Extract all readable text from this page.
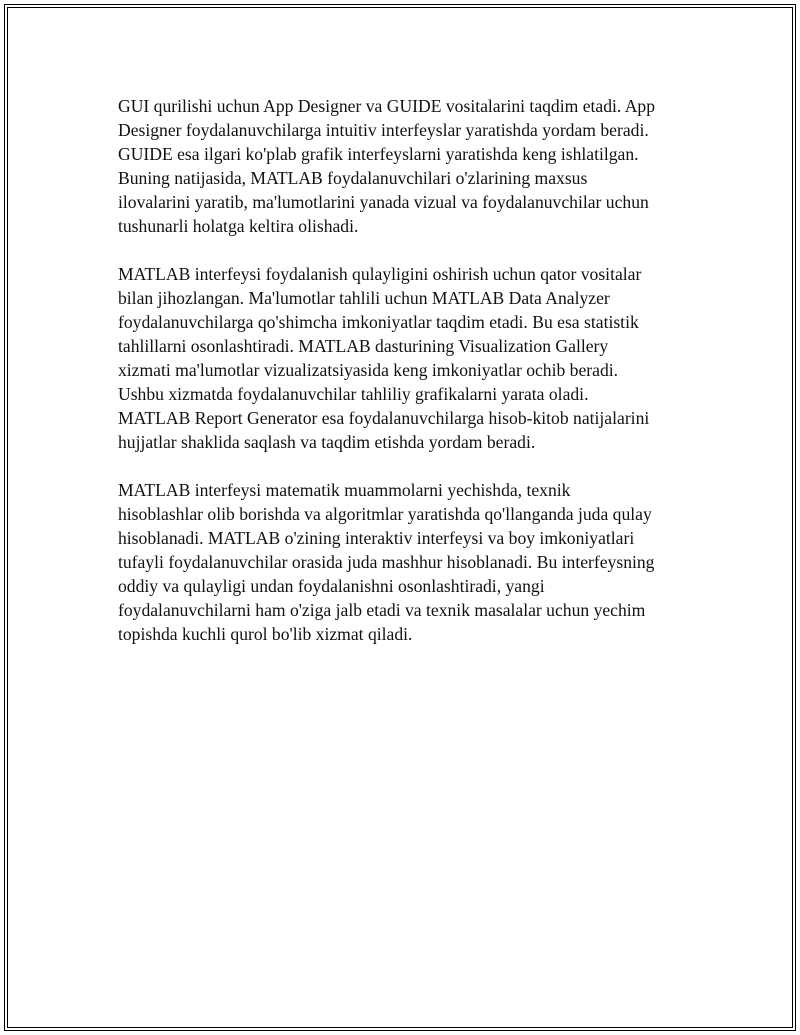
GUI qurilishi uchun App Designer va GUIDE vositalarini taqdim etadi. App
Designer foydalanuvchilarga intuitiv interfeyslar yaratishda yordam beradi.
GUIDE esa ilgari ko'plab grafik interfeyslarni yaratishda keng ishlatilgan.
Buning natijasida, MATLAB foydalanuvchilari o'zlarining maxsus
ilovalarini yaratib, ma'lumotlarini yanada vizual va foydalanuvchilar uchun
tushunarli holatga keltira olishadi.

MATLAB interfeysi foydalanish qulayligini oshirish uchun qator vositalar
bilan jihozlangan. Ma'lumotlar tahlili uchun MATLAB Data Analyzer
foydalanuvchilarga qo'shimcha imkoniyatlar taqdim etadi. Bu esa statistik
tahlillarni osonlashtiradi. MATLAB dasturining Visualization Gallery
xizmati ma'lumotlar vizualizatsiyasida keng imkoniyatlar ochib beradi.
Ushbu xizmatda foydalanuvchilar tahliliy grafikalarni yarata oladi.
MATLAB Report Generator esa foydalanuvchilarga hisob-kitob natijalarini
hujjatlar shaklida saqlash va taqdim etishda yordam beradi.

MATLAB interfeysi matematik muammolarni yechishda, texnik
hisoblashlar olib borishda va algoritmlar yaratishda qo'llanganda juda qulay
hisoblanadi. MATLAB o'zining interaktiv interfeysi va boy imkoniyatlari
tufayli foydalanuvchilar orasida juda mashhur hisoblanadi. Bu interfeysning
oddiy va qulayligi undan foydalanishni osonlashtiradi, yangi
foydalanuvchilarni ham o'ziga jalb etadi va texnik masalalar uchun yechim
topishda kuchli qurol bo'lib xizmat qiladi.
